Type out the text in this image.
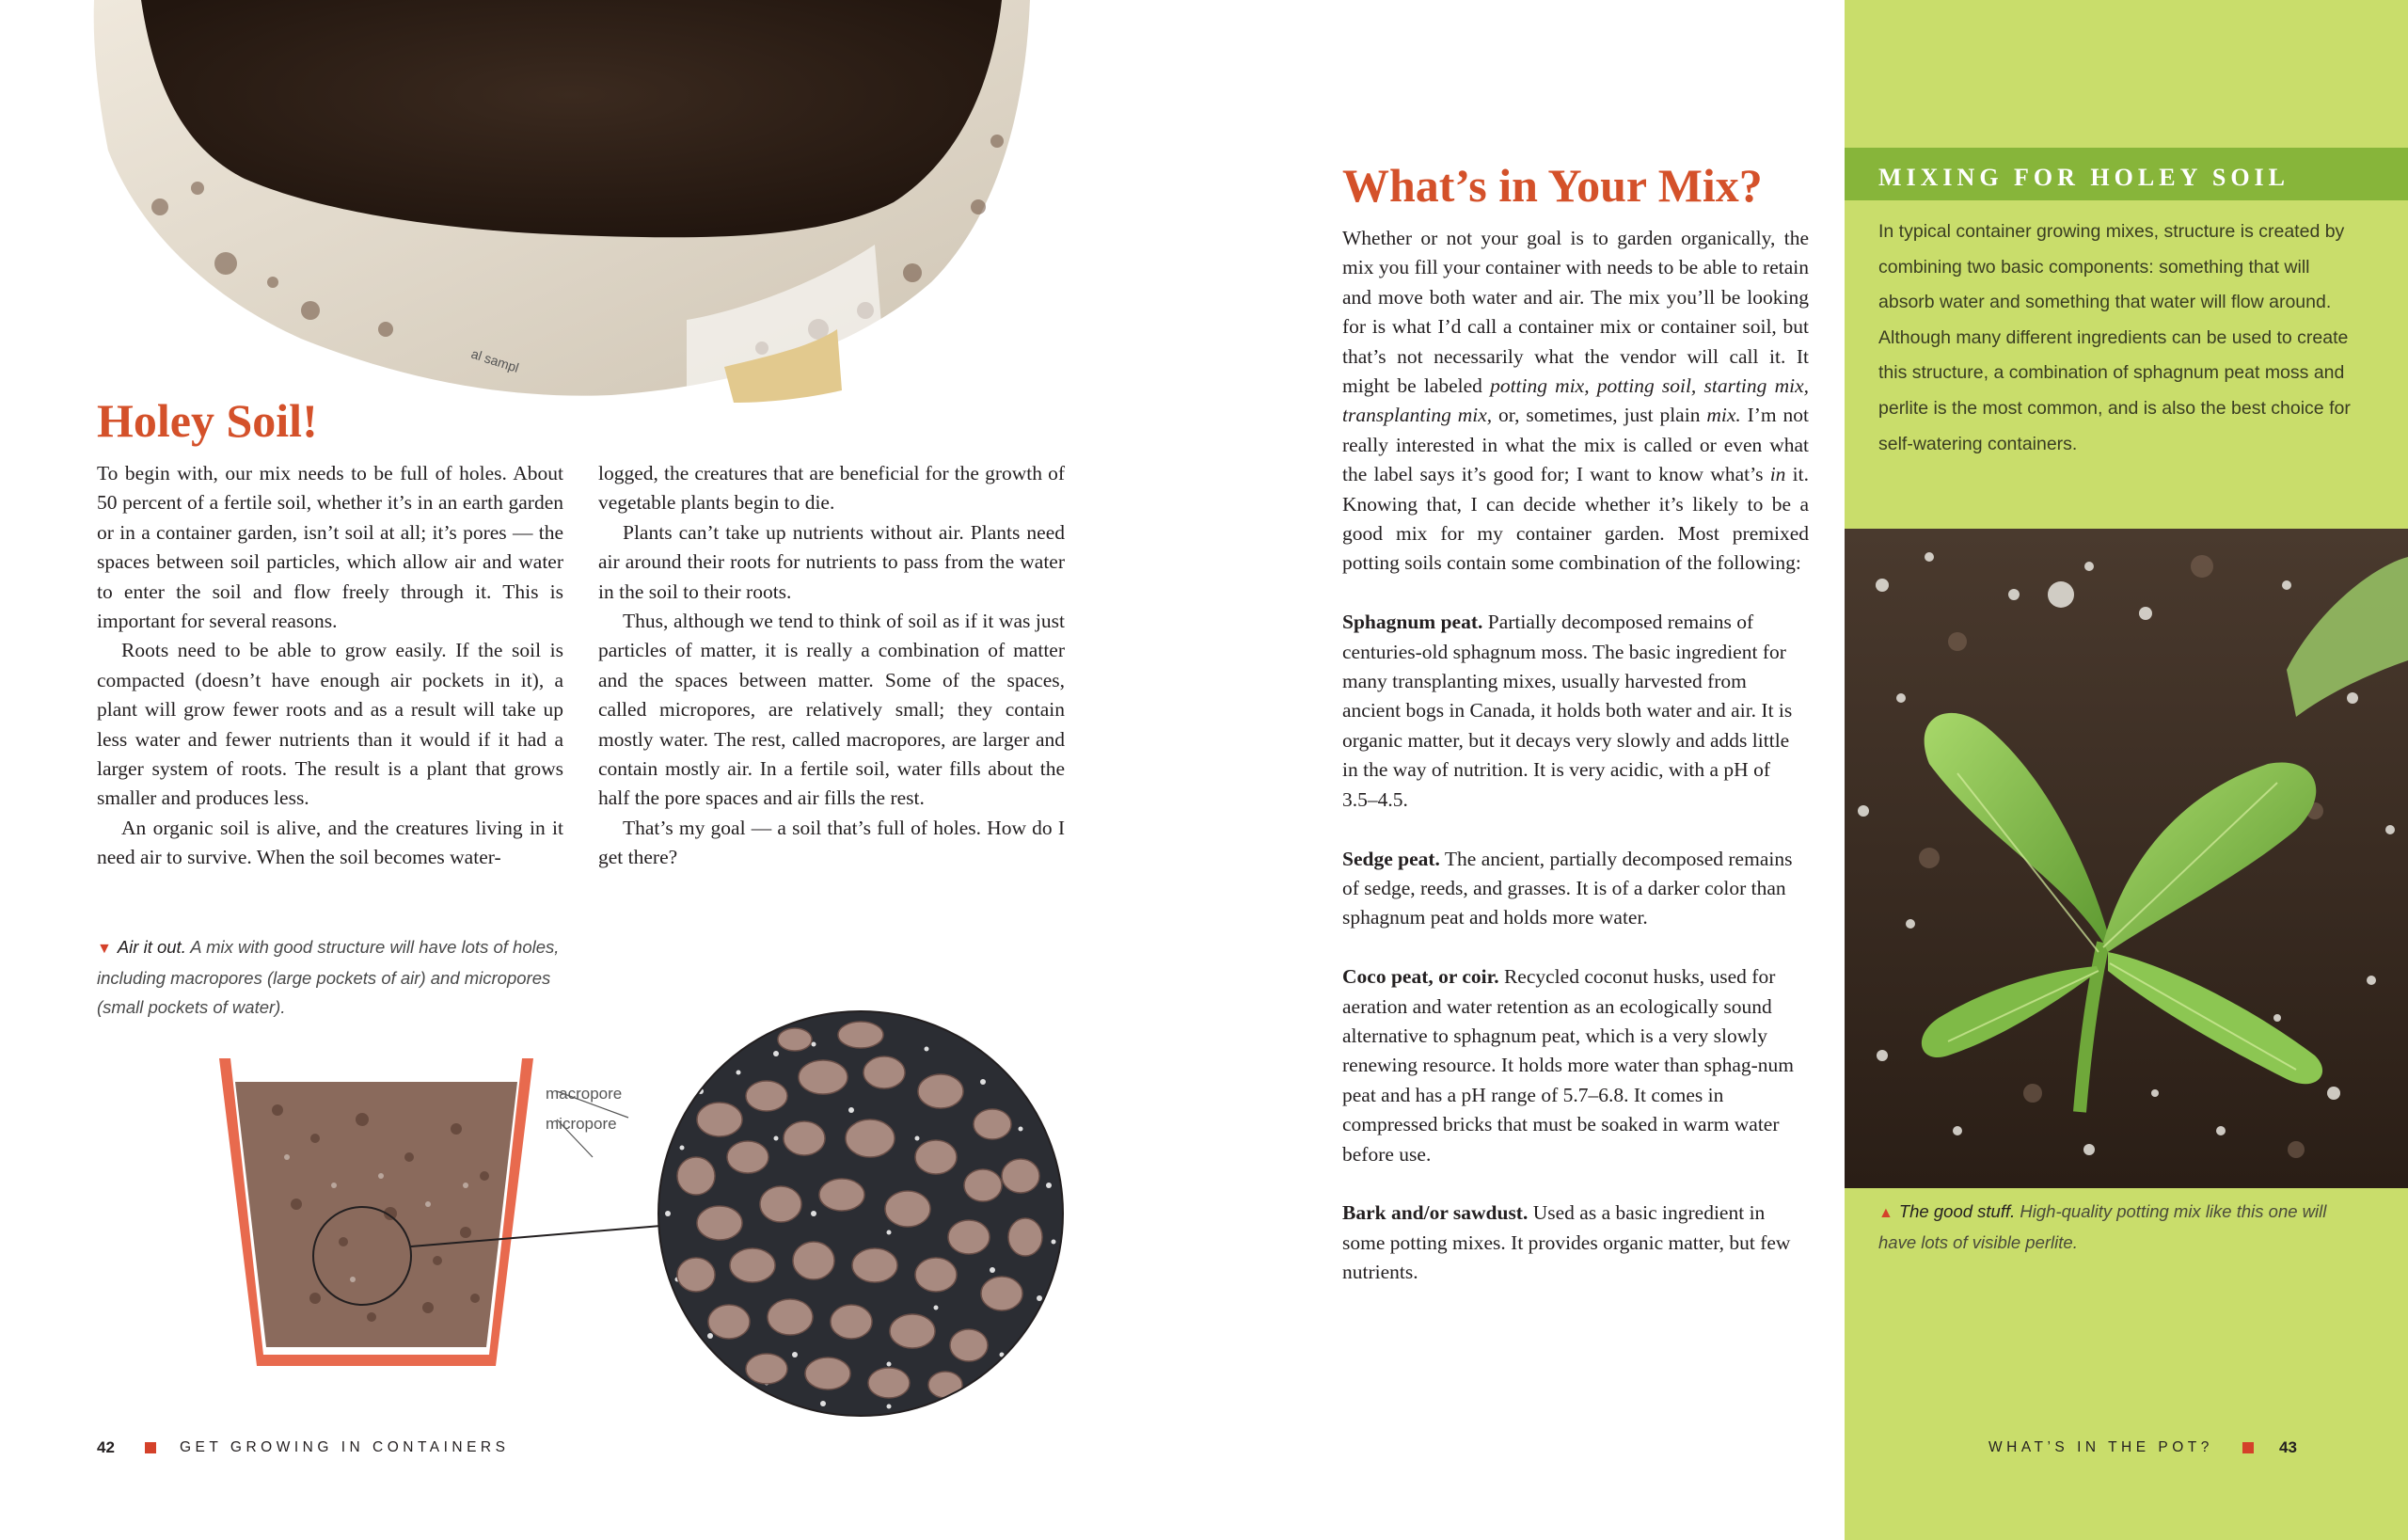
al sampl
Holey Soil!

To begin with, our mix needs to be full of holes. About 50 percent of a fertile soil, whether it’s in an earth garden or in a container garden, isn’t soil at all; it’s pores — the spaces between soil particles, which allow air and water to enter the soil and flow freely through it. This is important for several reasons.

Roots need to be able to grow easily. If the soil is compacted (doesn’t have enough air pockets in it), a plant will grow fewer roots and as a result will take up less water and fewer nutrients than it would if it had a larger system of roots. The result is a plant that grows smaller and produces less.

An organic soil is alive, and the creatures living in it need air to survive. When the soil becomes water-

logged, the creatures that are beneficial for the growth of vegetable plants begin to die.

Plants can’t take up nutrients without air. Plants need air around their roots for nutrients to pass from the water in the soil to their roots.

Thus, although we tend to think of soil as if it was just particles of matter, it is really a combination of matter and the spaces between matter. Some of the spaces, called micropores, are relatively small; they contain mostly water. The rest, called macropores, are larger and contain mostly air. In a fertile soil, water fills about the half the pore spaces and air fills the rest.

That’s my goal — a soil that’s full of holes. How do I get there?

▼ Air it out. A mix with good structure will have lots of holes, including macropores (large pockets of air) and micropores (small pockets of water).

macropore
micropore
42	GET GROWING IN CONTAINERS
What’s in Your Mix?

Whether or not your goal is to garden organically, the mix you fill your container with needs to be able to retain and move both water and air. The mix you’ll be looking for is what I’d call a container mix or container soil, but that’s not necessarily what the vendor will call it. It might be labeled potting mix, potting soil, starting mix, transplanting mix, or, sometimes, just plain mix. I’m not really interested in what the mix is called or even what the label says it’s good for; I want to know what’s in it. Knowing that, I can decide whether it’s likely to be a good mix for my container garden. Most premixed potting soils contain some combination of the following:

Sphagnum peat. Partially decomposed remains of centuries-old sphagnum moss. The basic ingredient for many transplanting mixes, usually harvested from ancient bogs in Canada, it holds both water and air. It is organic matter, but it decays very slowly and adds little in the way of nutrition. It is very acidic, with a pH of 3.5–4.5.

Sedge peat. The ancient, partially decomposed remains of sedge, reeds, and grasses. It is of a darker color than sphagnum peat and holds more water.

Coco peat, or coir. Recycled coconut husks, used for aeration and water retention as an ecologically sound alternative to sphagnum peat, which is a very slowly renewing resource. It holds more water than sphag-num peat and has a pH range of 5.7–6.8. It comes in compressed bricks that must be soaked in warm water before use.

Bark and/or sawdust. Used as a basic ingredient in some potting mixes. It provides organic matter, but few nutrients.

MIXING FOR HOLEY SOIL

In typical container growing mixes, structure is created by combining two basic components: something that will absorb water and something that water will flow around. Although many different ingredients can be used to create this structure, a combination of sphagnum peat moss and perlite is the most common, and is also the best choice for self-watering containers.

▲ The good stuff. High-quality potting mix like this one will have lots of visible perlite.

WHAT’S IN THE POT?	43
